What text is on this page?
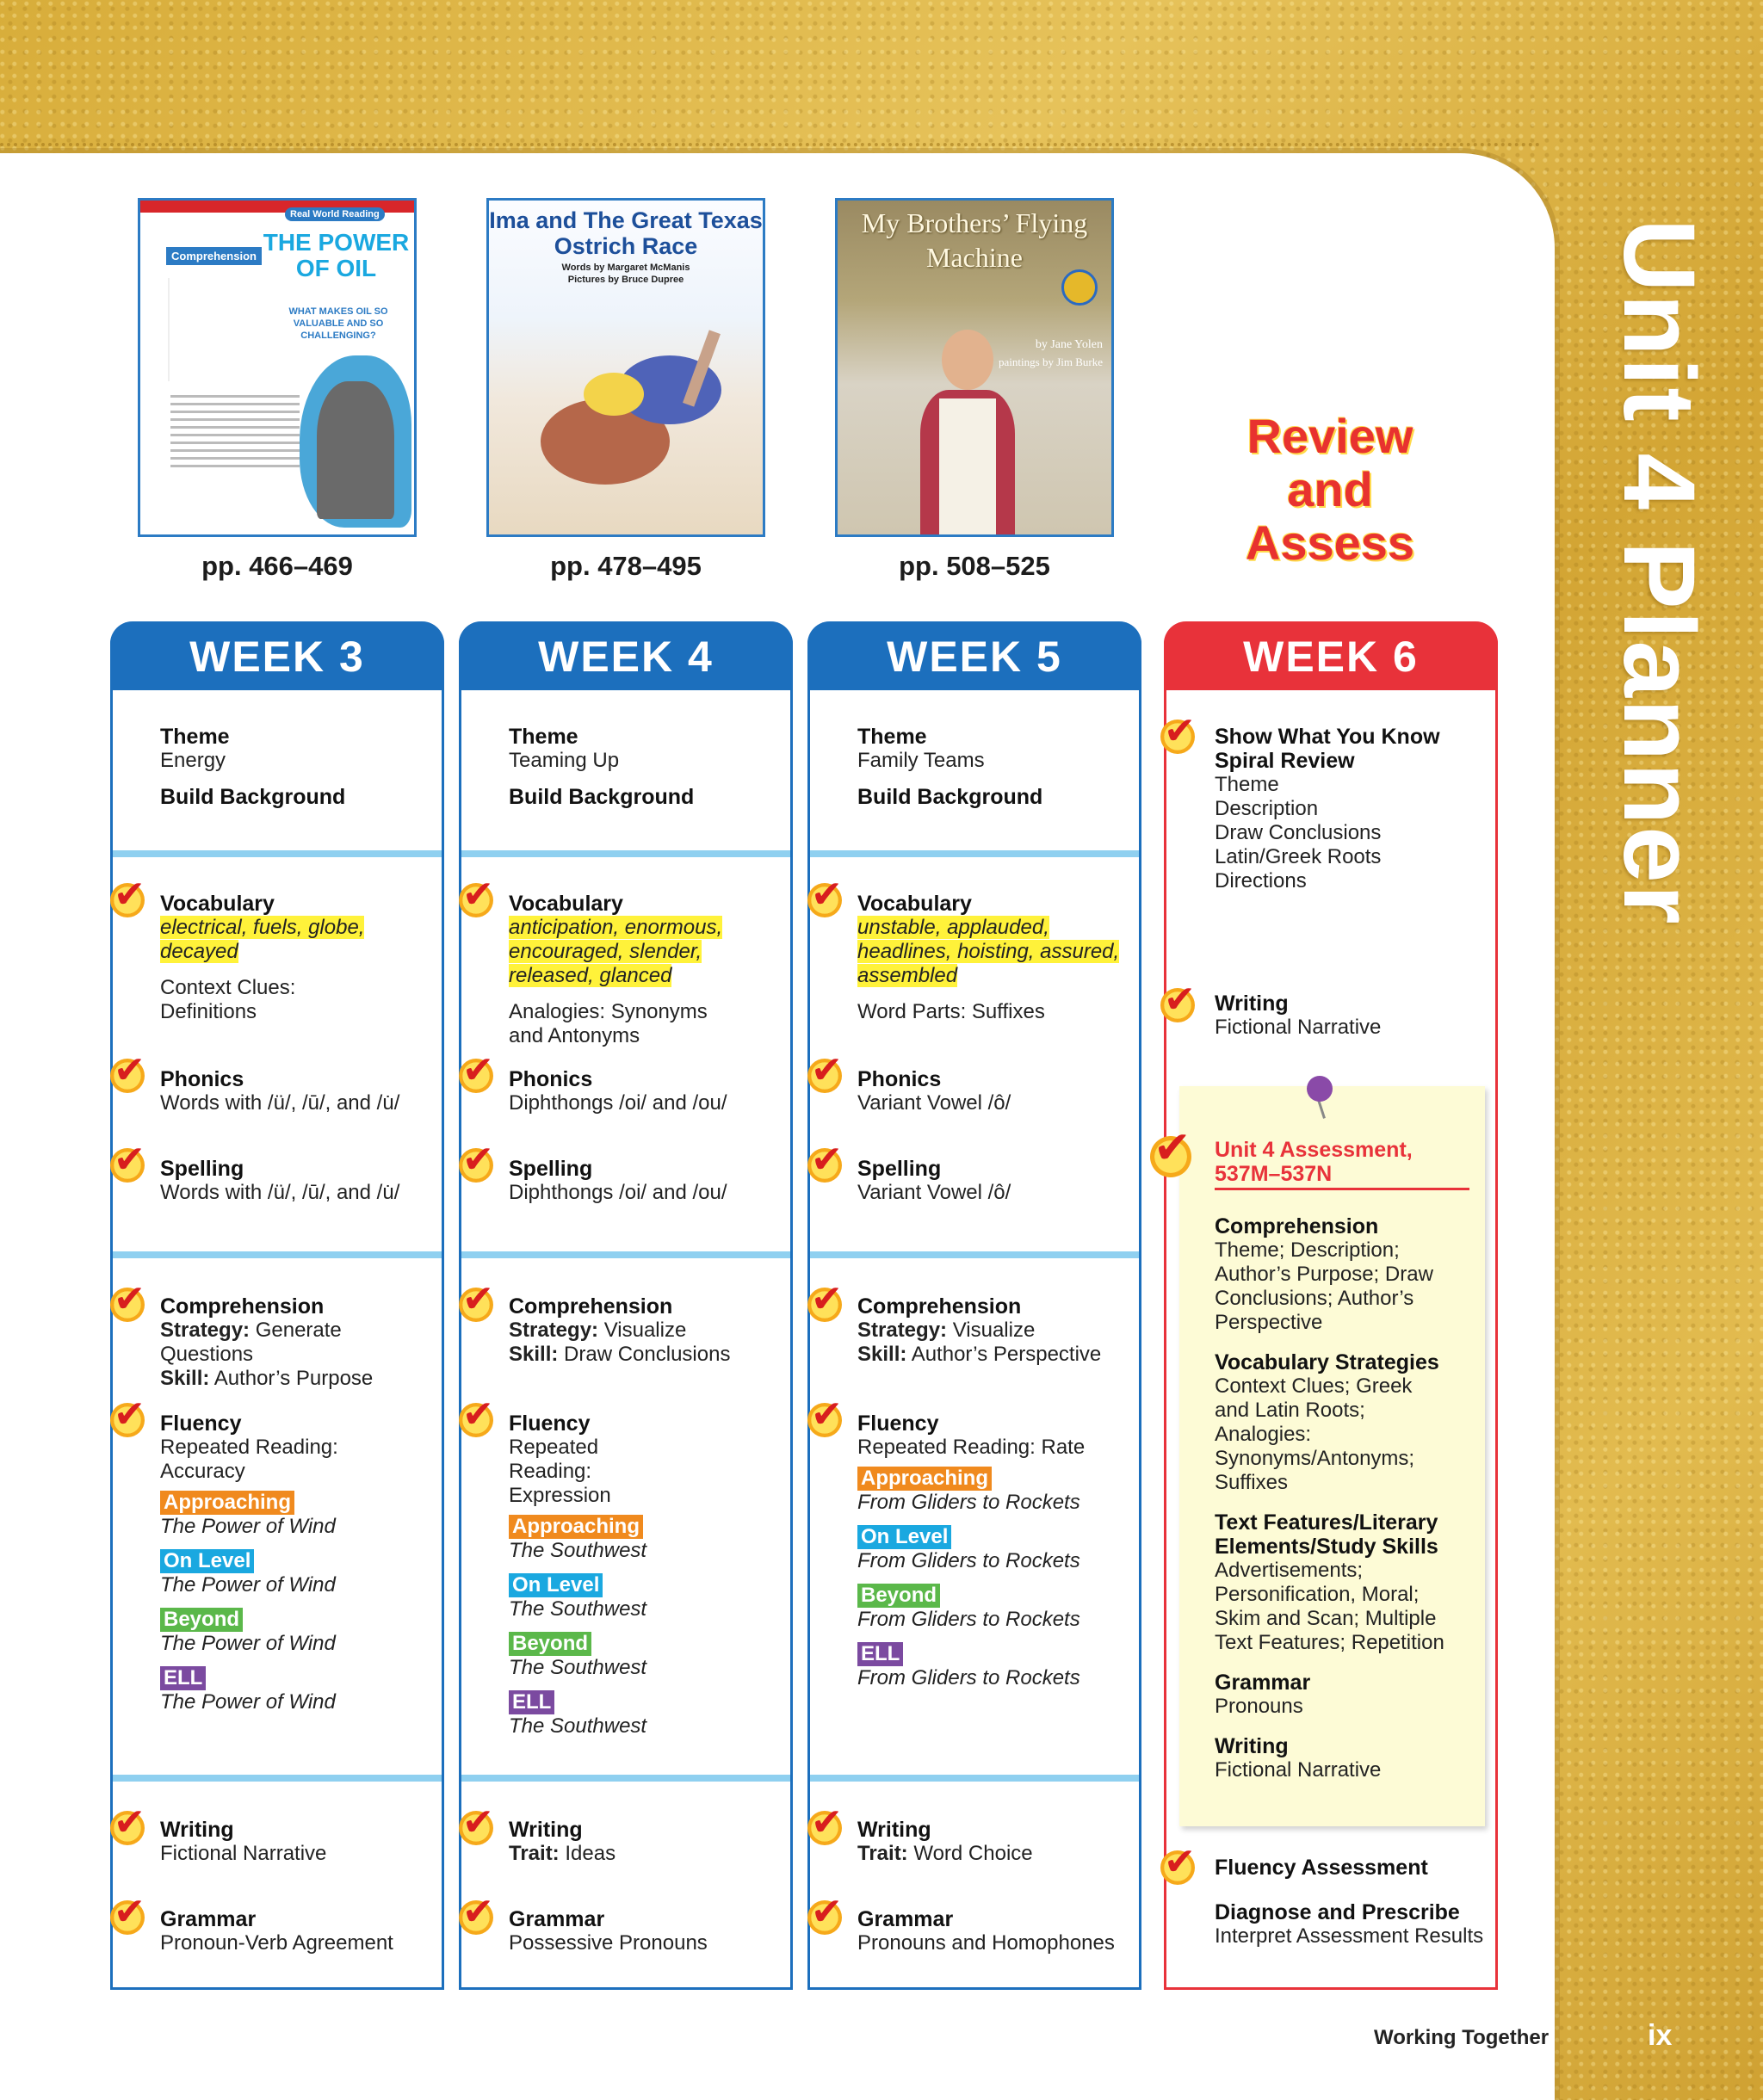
Unit 4 Planner
Real World Reading
Comprehension
THE POWER OF OIL
WHAT MAKES OIL SO VALUABLE AND SO CHALLENGING?
pp. 466–469
Ima and The Great Texas Ostrich Race
Words by Margaret McManis
Pictures by Bruce Dupree
pp. 478–495
My Brothers’ Flying Machine
by Jane Yolen
paintings by Jim Burke
pp. 508–525
Review
and
Assess
WEEK 3	WEEK 4	WEEK 5	WEEK 6
Theme
Energy
Build Background
✔ Vocabulary
electrical, fuels, globe, decayed
Context Clues: Definitions
✔ Phonics
Words with /ü/, /ū/, and /u̇/
✔ Spelling
Words with /ü/, /ū/, and /u̇/
✔ Comprehension
Strategy: Generate Questions
Skill: Author’s Purpose
✔ Fluency
Repeated Reading: Accuracy
Approaching
The Power of Wind
On Level
The Power of Wind
Beyond
The Power of Wind
ELL
The Power of Wind
✔ Writing
Fictional Narrative
✔ Grammar
Pronoun-Verb Agreement
Theme
Teaming Up
Build Background
✔ Vocabulary
anticipation, enormous, encouraged, slender, released, glanced
Analogies: Synonyms and Antonyms
✔ Phonics
Diphthongs /oi/ and /ou/
✔ Spelling
Diphthongs /oi/ and /ou/
✔ Comprehension
Strategy: Visualize
Skill: Draw Conclusions
✔ Fluency
Repeated Reading: Expression
Approaching
The Southwest
On Level
The Southwest
Beyond
The Southwest
ELL
The Southwest
✔ Writing
Trait: Ideas
✔ Grammar
Possessive Pronouns
Theme
Family Teams
Build Background
✔ Vocabulary
unstable, applauded, headlines, hoisting, assured, assembled
Word Parts: Suffixes
✔ Phonics
Variant Vowel /ô/
✔ Spelling
Variant Vowel /ô/
✔ Comprehension
Strategy: Visualize
Skill: Author’s Perspective
✔ Fluency
Repeated Reading: Rate
Approaching
From Gliders to Rockets
On Level
From Gliders to Rockets
Beyond
From Gliders to Rockets
ELL
From Gliders to Rockets
✔ Writing
Trait: Word Choice
✔ Grammar
Pronouns and Homophones
✔ Show What You Know
Spiral Review
Theme
Description
Draw Conclusions
Latin/Greek Roots
Directions
✔ Writing
Fictional Narrative
✔ Unit 4 Assessment,
537M–537N
Comprehension
Theme; Description; Author’s Purpose; Draw Conclusions; Author’s Perspective
Vocabulary Strategies
Context Clues; Greek and Latin Roots; Analogies: Synonyms/Antonyms; Suffixes
Text Features/Literary Elements/Study Skills
Advertisements; Personification, Moral; Skim and Scan; Multiple Text Features; Repetition
Grammar
Pronouns
Writing
Fictional Narrative
✔ Fluency Assessment
Diagnose and Prescribe
Interpret Assessment Results
Working Together	ix
